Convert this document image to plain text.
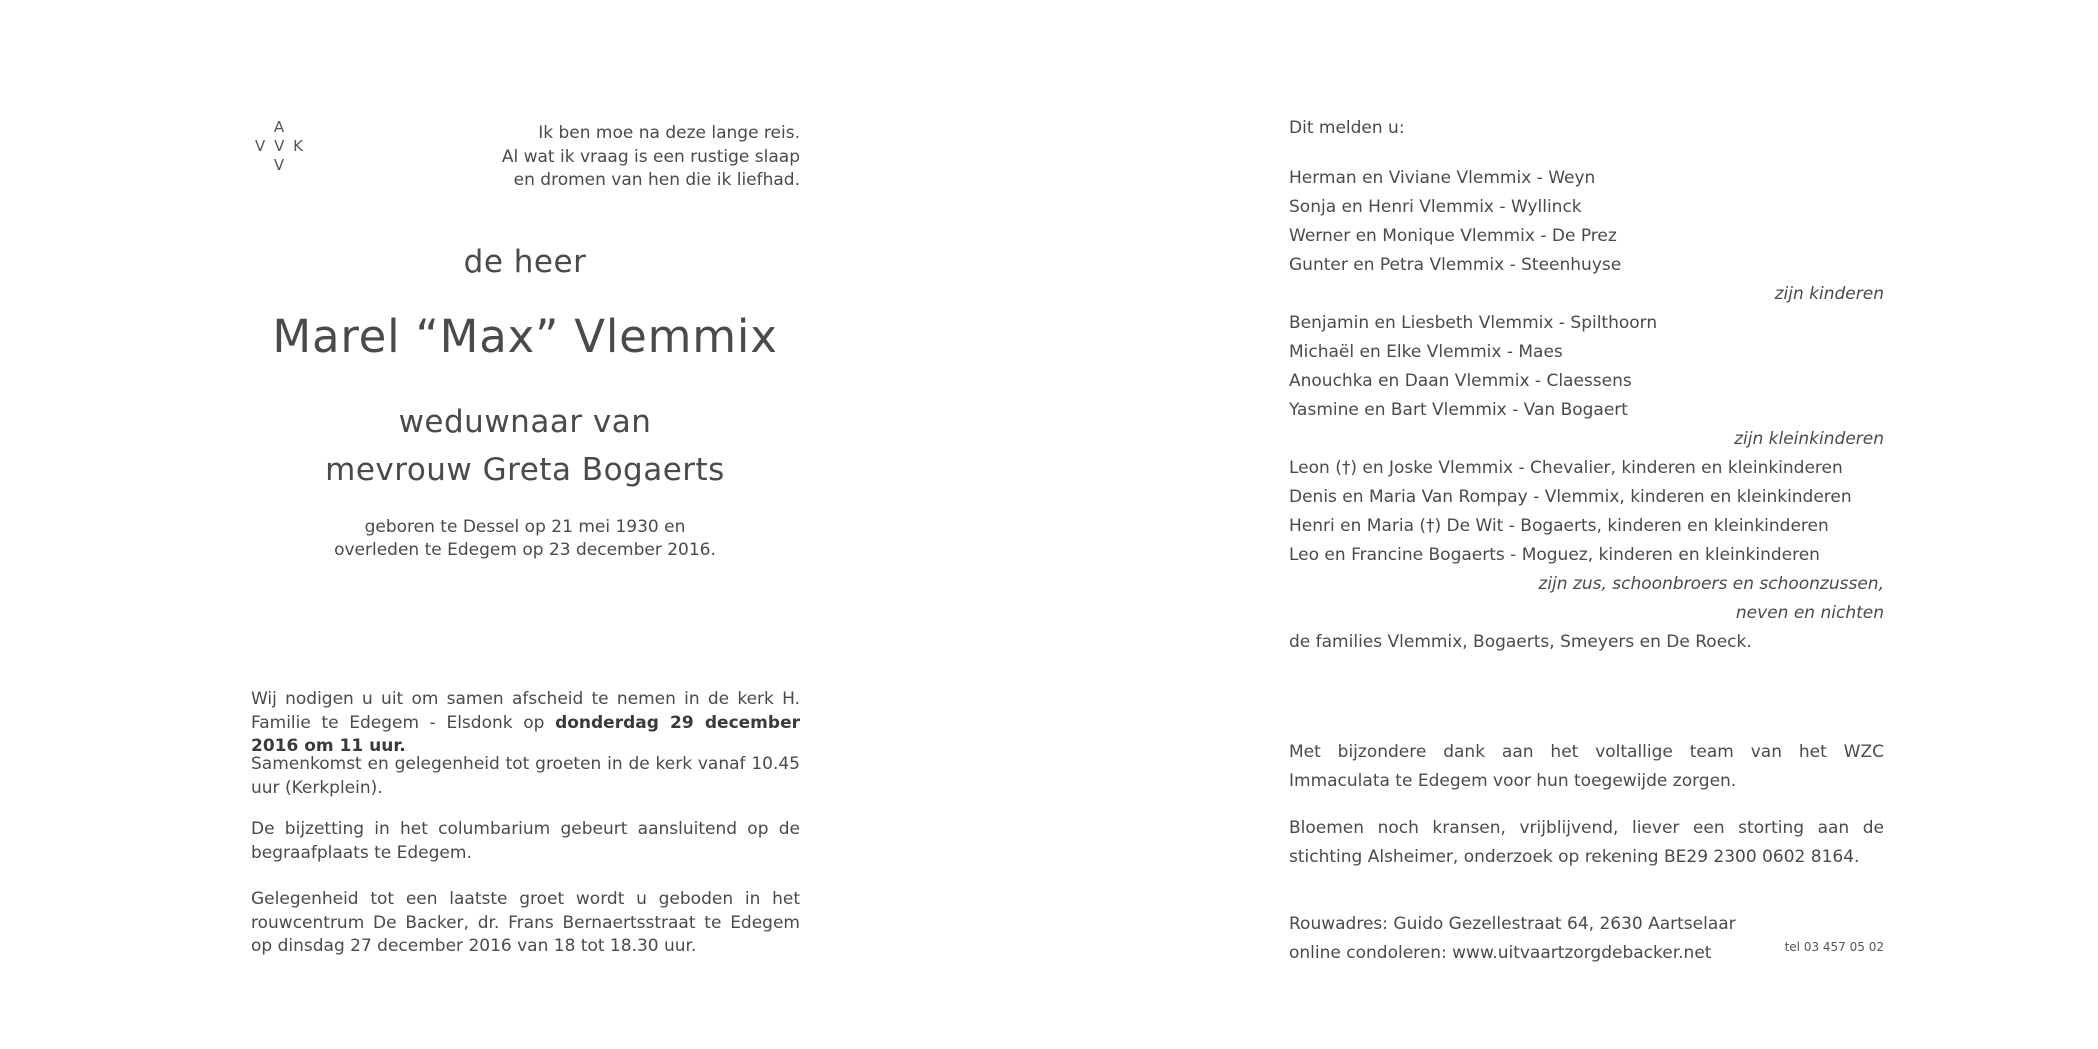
A
V V K
V
Ik ben moe na deze lange reis.
Al wat ik vraag is een rustige slaap
en dromen van hen die ik liefhad.
de heer
Marel “Max” Vlemmix
weduwnaar van
mevrouw Greta Bogaerts
geboren te Dessel op 21 mei 1930 en
overleden te Edegem op 23 december 2016.

Wij nodigen u uit om samen afscheid te nemen in de kerk H. Familie te Edegem - Elsdonk op donderdag 29 december 2016 om 11 uur.

Samenkomst en gelegenheid tot groeten in de kerk vanaf 10.45 uur (Kerkplein).

De bijzetting in het columbarium gebeurt aansluitend op de begraafplaats te Edegem.

Gelegenheid tot een laatste groet wordt u geboden in het rouwcentrum De Backer, dr. Frans Bernaertsstraat te Edegem op dinsdag 27 december 2016 van 18 tot 18.30 uur.

Dit melden u:
Herman en Viviane Vlemmix - Weyn
Sonja en Henri Vlemmix - Wyllinck
Werner en Monique Vlemmix - De Prez
Gunter en Petra Vlemmix - Steenhuyse
zijn kinderen
Benjamin en Liesbeth Vlemmix - Spilthoorn
Michaël en Elke Vlemmix - Maes
Anouchka en Daan Vlemmix - Claessens
Yasmine en Bart Vlemmix - Van Bogaert
zijn kleinkinderen
Leon (†) en Joske Vlemmix - Chevalier, kinderen en kleinkinderen
Denis en Maria Van Rompay - Vlemmix, kinderen en kleinkinderen
Henri en Maria (†) De Wit - Bogaerts, kinderen en kleinkinderen
Leo en Francine Bogaerts - Moguez, kinderen en kleinkinderen
zijn zus, schoonbroers en schoonzussen,
neven en nichten
de families Vlemmix, Bogaerts, Smeyers en De Roeck.

Met bijzondere dank aan het voltallige team van het WZC Immaculata te Edegem voor hun toegewijde zorgen.

Bloemen noch kransen, vrijblijvend, liever een storting aan de stichting Alsheimer, onderzoek op rekening BE29 2300 0602 8164.

Rouwadres: Guido Gezellestraat 64, 2630 Aartselaar
online condoleren: www.uitvaartzorgdebacker.net	tel 03 457 05 02
